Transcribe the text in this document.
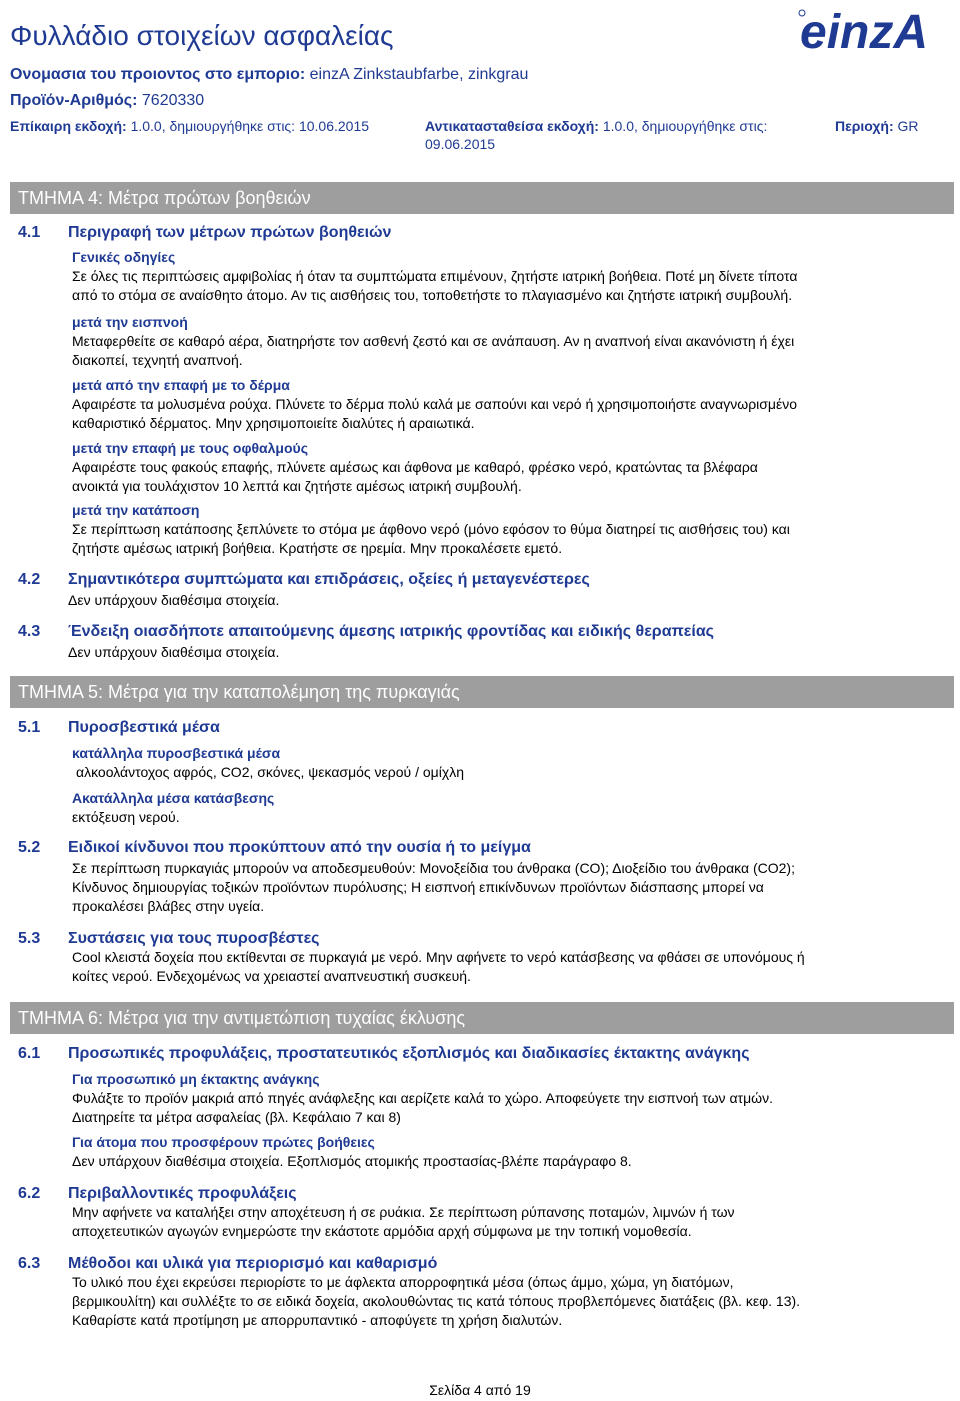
Φυλλάδιο στοιχείων ασφαλείας	einzA
Ονομασια του προιοντος στο εμποριο: einzA Zinkstaubfarbe, zinkgrau
Προϊόν-Αριθμός: 7620330
Επίκαιρη εκδοχή: 1.0.0, δημιουργήθηκε στις: 10.06.2015	Αντικατασταθείσα εκδοχή: 1.0.0, δημιουργήθηκε στις: 09.06.2015
Περιοχή: GR
ΤΜΗΜΑ 4: Μέτρα πρώτων βοηθειών
4.1 Περιγραφή των μέτρων πρώτων βοηθειών
Γενικές οδηγίες
Σε όλες τις περιπτώσεις αμφιβολίας ή όταν τα συμπτώματα επιμένουν, ζητήστε ιατρική βοήθεια. Ποτέ μη δίνετε τίποτα
από το στόμα σε αναίσθητο άτομο. Αν τις αισθήσεις του, τοποθετήστε το πλαγιασμένο και ζητήστε ιατρική συμβουλή.
μετά την εισπνοή
Μεταφερθείτε σε καθαρό αέρα, διατηρήστε τον ασθενή ζεστό και σε ανάπαυση. Αν η αναπνοή είναι ακανόνιστη ή έχει
διακοπεί, τεχνητή αναπνοή.
μετά από την επαφή με το δέρμα
Αφαιρέστε τα μολυσμένα ρούχα. Πλύνετε το δέρμα πολύ καλά με σαπούνι και νερό ή χρησιμοποιήστε αναγνωρισμένο
καθαριστικό δέρματος. Μην χρησιμοποιείτε διαλύτες ή αραιωτικά.
μετά την επαφή με τους οφθαλμούς
Αφαιρέστε τους φακούς επαφής, πλύνετε αμέσως και άφθονα με καθαρό, φρέσκο νερό, κρατώντας τα βλέφαρα
ανοικτά για τουλάχιστον 10 λεπτά και ζητήστε αμέσως ιατρική συμβουλή.
μετά την κατάποση
Σε περίπτωση κατάποσης ξεπλύνετε το στόμα με άφθονο νερό (μόνο εφόσον το θύμα διατηρεί τις αισθήσεις του) και
ζητήστε αμέσως ιατρική βοήθεια. Κρατήστε σε ηρεμία. Μην προκαλέσετε εμετό.
4.2 Σημαντικότερα συμπτώματα και επιδράσεις, οξείες ή μεταγενέστερες
Δεν υπάρχουν διαθέσιμα στοιχεία.
4.3 Ένδειξη οιασδήποτε απαιτούμενης άμεσης ιατρικής φροντίδας και ειδικής θεραπείας
Δεν υπάρχουν διαθέσιμα στοιχεία.
ΤΜΗΜΑ 5: Μέτρα για την καταπολέμηση της πυρκαγιάς
5.1 Πυροσβεστικά μέσα
κατάλληλα πυροσβεστικά μέσα
αλκοολάντοχος αφρός, CO2, σκόνες, ψεκασμός νερού / ομίχλη
Ακατάλληλα μέσα κατάσβεσης
εκτόξευση νερού.
5.2 Ειδικοί κίνδυνοι που προκύπτουν από την ουσία ή το μείγμα
Σε περίπτωση πυρκαγιάς μπορούν να αποδεσμευθούν: Μονοξείδια του άνθρακα (CO); Διοξείδιο του άνθρακα (CO2);
Κίνδυνος δημιουργίας τοξικών προϊόντων πυρόλυσης; Η εισπνοή επικίνδυνων προϊόντων διάσπασης μπορεί να
προκαλέσει βλάβες στην υγεία.
5.3 Συστάσεις για τους πυροσβέστες
Cool κλειστά δοχεία που εκτίθενται σε πυρκαγιά με νερό. Μην αφήνετε το νερό κατάσβεσης να φθάσει σε υπονόμους ή
κοίτες νερού. Ενδεχομένως να χρειαστεί αναπνευστική συσκευή.
ΤΜΗΜΑ 6: Μέτρα για την αντιμετώπιση τυχαίας έκλυσης
6.1 Προσωπικές προφυλάξεις, προστατευτικός εξοπλισμός και διαδικασίες έκτακτης ανάγκης
Για προσωπικό μη έκτακτης ανάγκης
Φυλάξτε το προϊόν μακριά από πηγές ανάφλεξης και αερίζετε καλά το χώρο. Αποφεύγετε την εισπνοή των ατμών.
Διατηρείτε τα μέτρα ασφαλείας (βλ. Κεφάλαιο 7 και 8)
Για άτομα που προσφέρουν πρώτες βοήθειες
Δεν υπάρχουν διαθέσιμα στοιχεία. Εξοπλισμός ατομικής προστασίας-βλέπε παράγραφο 8.
6.2 Περιβαλλοντικές προφυλάξεις
Μην αφήνετε να καταλήξει στην αποχέτευση ή σε ρυάκια. Σε περίπτωση ρύπανσης ποταμών, λιμνών ή των
αποχετευτικών αγωγών ενημερώστε την εκάστοτε αρμόδια αρχή σύμφωνα με την τοπική νομοθεσία.
6.3 Μέθοδοι και υλικά για περιορισμό και καθαρισμό
Το υλικό που έχει εκρεύσει περιορίστε το με άφλεκτα απορροφητικά μέσα (όπως άμμο, χώμα, γη διατόμων,
βερμικουλίτη) και συλλέξτε το σε ειδικά δοχεία, ακολουθώντας τις κατά τόπους προβλεπόμενες διατάξεις (βλ. κεφ. 13).
Καθαρίστε κατά προτίμηση με απορρυπαντικό - αποφύγετε τη χρήση διαλυτών.
Σελίδα 4 από 19
